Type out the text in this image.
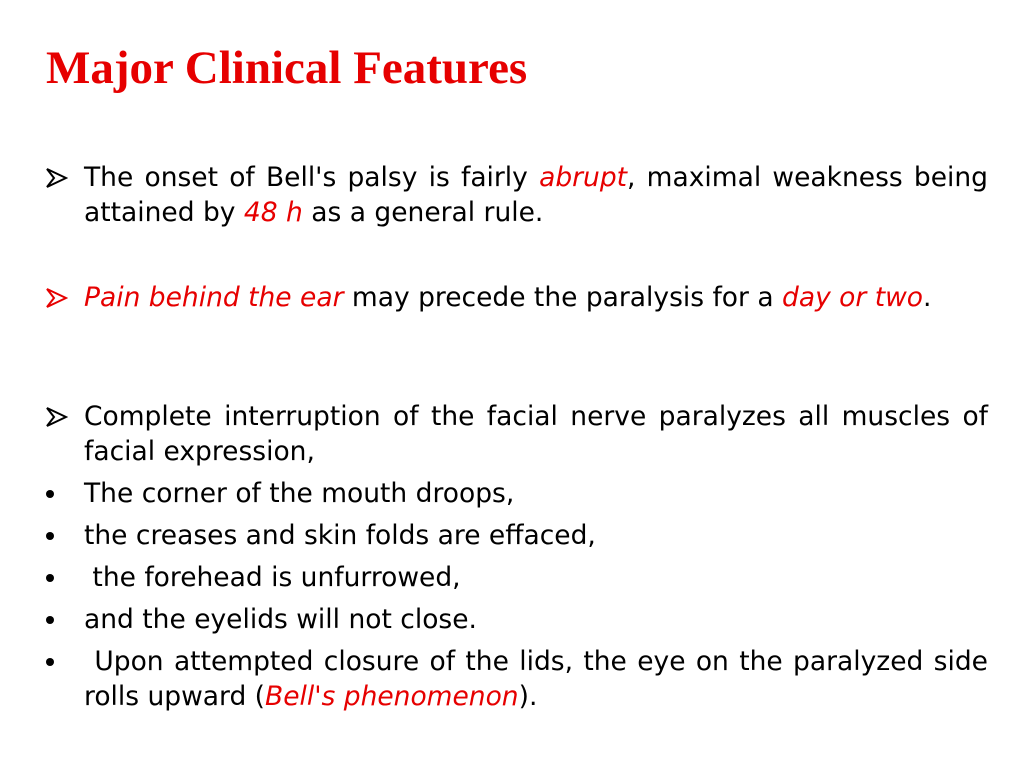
Major Clinical Features
The onset of Bell's palsy is fairly abrupt, maximal weakness being attained by 48 h as a general rule.
Pain behind the ear may precede the paralysis for a day or two.
Complete interruption of the facial nerve paralyzes all muscles of facial expression,
The corner of the mouth droops,
the creases and skin folds are effaced,
the forehead is unfurrowed,
and the eyelids will not close.
Upon attempted closure of the lids, the eye on the paralyzed side rolls upward (Bell's phenomenon).
